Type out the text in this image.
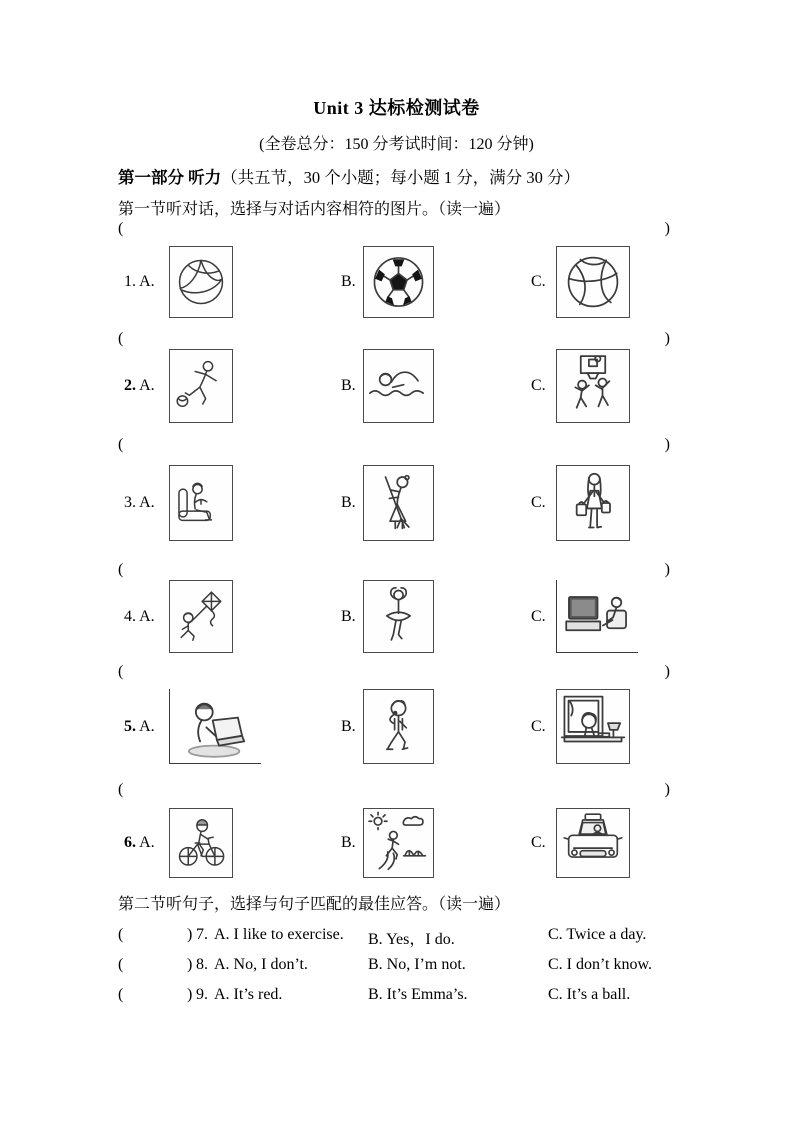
Unit 3 达标检测试卷
(全卷总分：150 分考试时间：120 分钟)
第一部分 听力（共五节，30 个小题；每小题 1 分，满分 30 分）
第一节听对话，选择与对话内容相符的图片。（读一遍）
(	)
(	)
(	)
(	)
(	)
(	)
1. A.	B.	C.
2. A.	B.	C.
3. A.	B.	C.
4. A.	B.	C.
5. A.	B.	C.
6. A.	B.	C.
第二节听句子，选择与句子匹配的最佳应答。（读一遍）
(	) 7. A. I like to exercise. B. Yes，I do.	C. Twice a day.
(	) 8. A. No, I don’t.	B. No, I’m not.	C. I don’t know.
(	) 9. A. It’s red.	B. It’s Emma’s.	C. It’s a ball.
